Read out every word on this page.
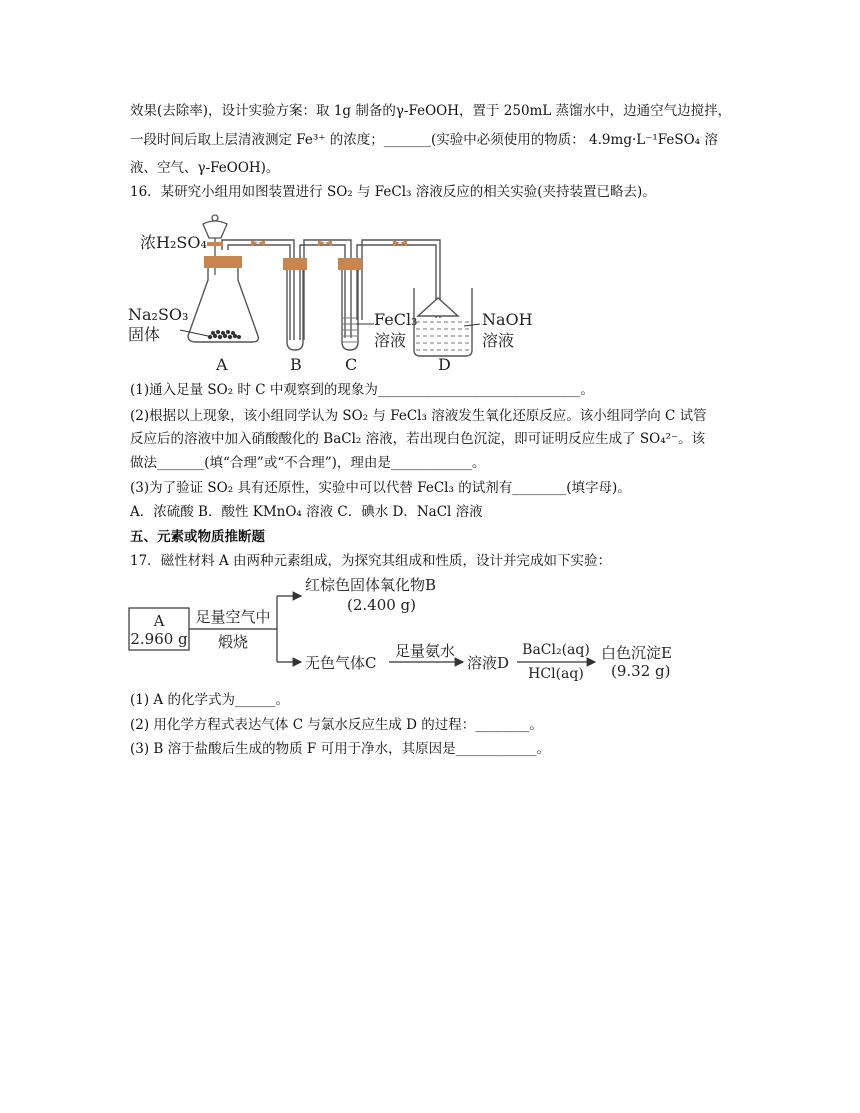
效果(去除率)，设计实验方案：取 1g 制备的γ-FeOOH，置于 250mL 蒸馏水中，边通空气边搅拌，
一段时间后取上层清液测定 Fe³⁺ 的浓度；_______(实验中必须使用的物质： 4.9mg·L⁻¹FeSO₄ 溶
液、空气、γ-FeOOH)。
16．某研究小组用如图装置进行 SO₂ 与 FeCl₃ 溶液反应的相关实验(夹持装置已略去)。
浓H₂SO₄
Na₂SO₃
固体
FeCl₃
溶液
NaOH
溶液
A	B	C	D
(1)通入足量 SO₂ 时 C 中观察到的现象为______________________________。
(2)根据以上现象，该小组同学认为 SO₂ 与 FeCl₃ 溶液发生氧化还原反应。该小组同学向 C 试管
反应后的溶液中加入硝酸酸化的 BaCl₂ 溶液，若出现白色沉淀，即可证明反应生成了 SO₄²⁻。该
做法_______(填“合理”或“不合理”)，理由是____________。
(3)为了验证 SO₂ 具有还原性，实验中可以代替 FeCl₃ 的试剂有________(填字母)。
A．浓硫酸 B．酸性 KMnO₄ 溶液 C．碘水 D．NaCl 溶液
五、元素或物质推断题
17．磁性材料 A 由两种元素组成，为探究其组成和性质，设计并完成如下实验：
A
2.960 g
足量空气中
煅烧
红棕色固体氧化物B
(2.400 g)
无色气体C
足量氨水
溶液D
BaCl₂(aq)
HCl(aq)
白色沉淀E
(9.32 g)
(1) A 的化学式为______。
(2) 用化学方程式表达气体 C 与氯水反应生成 D 的过程：________。
(3) B 溶于盐酸后生成的物质 F 可用于净水，其原因是____________。
